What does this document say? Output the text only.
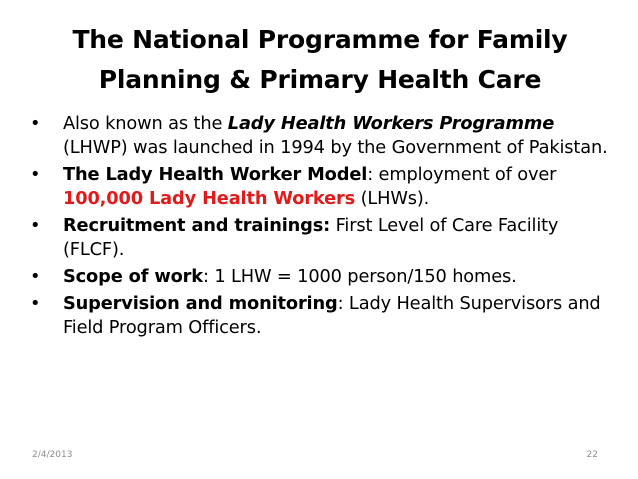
The National Programme for Family
Planning & Primary Health Care
•	Also known as the Lady Health Workers Programme (LHWP) was launched in 1994 by the Government of Pakistan.
•	The Lady Health Worker Model: employment of over 100,000 Lady Health Workers (LHWs).
•	Recruitment and trainings: First Level of Care Facility (FLCF).
•	Scope of work: 1 LHW = 1000 person/150 homes.
•	Supervision and monitoring: Lady Health Supervisors and Field Program Officers.
2/4/2013	22
